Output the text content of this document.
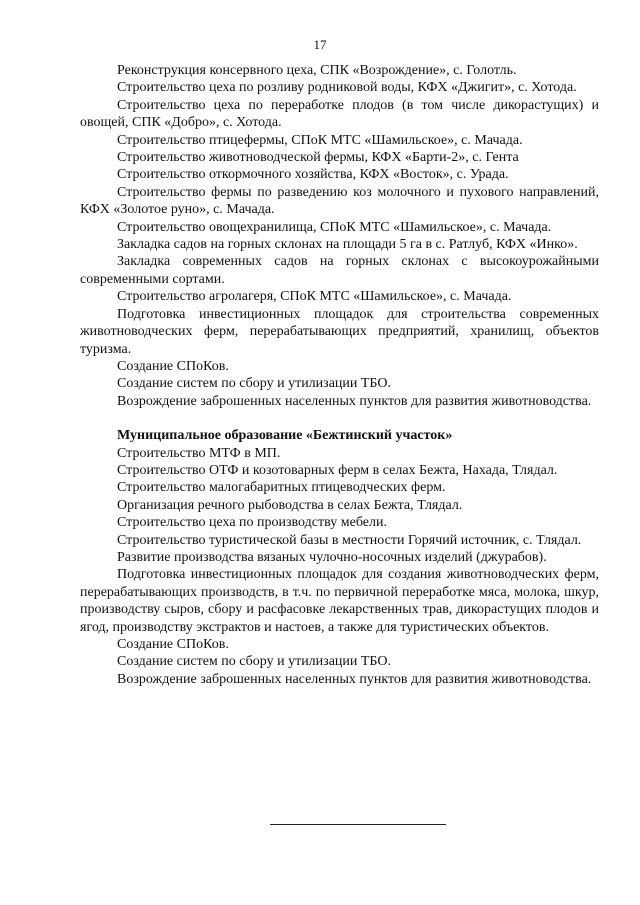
17

Реконструкция консервного цеха, СПК «Возрождение», с. Голотль.

Строительство цеха по розливу родниковой воды, КФХ «Джигит», с. Хотода.

Строительство цеха по переработке плодов (в том числе дикорастущих) и овощей, СПК «Добро», с. Хотода.

Строительство птицефермы, СПоК МТС «Шамильское», с. Мачада.

Строительство животноводческой фермы, КФХ «Барти-2», с. Гента

Строительство откормочного хозяйства, КФХ «Восток», с. Урада.

Строительство фермы по разведению коз молочного и пухового направлений, КФХ «Золотое руно», с. Мачада.

Строительство овощехранилища, СПоК МТС «Шамильское», с. Мачада.

Закладка садов на горных склонах на площади 5 га в с. Ратлуб, КФХ «Инко».

Закладка современных садов на горных склонах с высокоурожайными современными сортами.

Строительство агролагеря, СПоК МТС «Шамильское», с. Мачада.

Подготовка инвестиционных площадок для строительства современных животноводческих ферм, перерабатывающих предприятий, хранилищ, объектов туризма.

Создание СПоКов.

Создание систем по сбору и утилизации ТБО.

Возрождение заброшенных населенных пунктов для развития животноводства.

Муниципальное образование «Бежтинский участок»

Строительство МТФ в МП.

Строительство ОТФ и козотоварных ферм в селах Бежта, Нахада, Тлядал.

Строительство малогабаритных птицеводческих ферм.

Организация речного рыбоводства в селах Бежта, Тлядал.

Строительство цеха по производству мебели.

Строительство туристической базы в местности Горячий источник, с. Тлядал.

Развитие производства вязаных чулочно-носочных изделий (джурабов).

Подготовка инвестиционных площадок для создания животноводческих ферм, перерабатывающих производств, в т.ч. по первичной переработке мяса, молока, шкур, производству сыров, сбору и расфасовке лекарственных трав, дикорастущих плодов и ягод, производству экстрактов и настоев, а также для туристических объектов.

Создание СПоКов.

Создание систем по сбору и утилизации ТБО.

Возрождение заброшенных населенных пунктов для развития животноводства.
